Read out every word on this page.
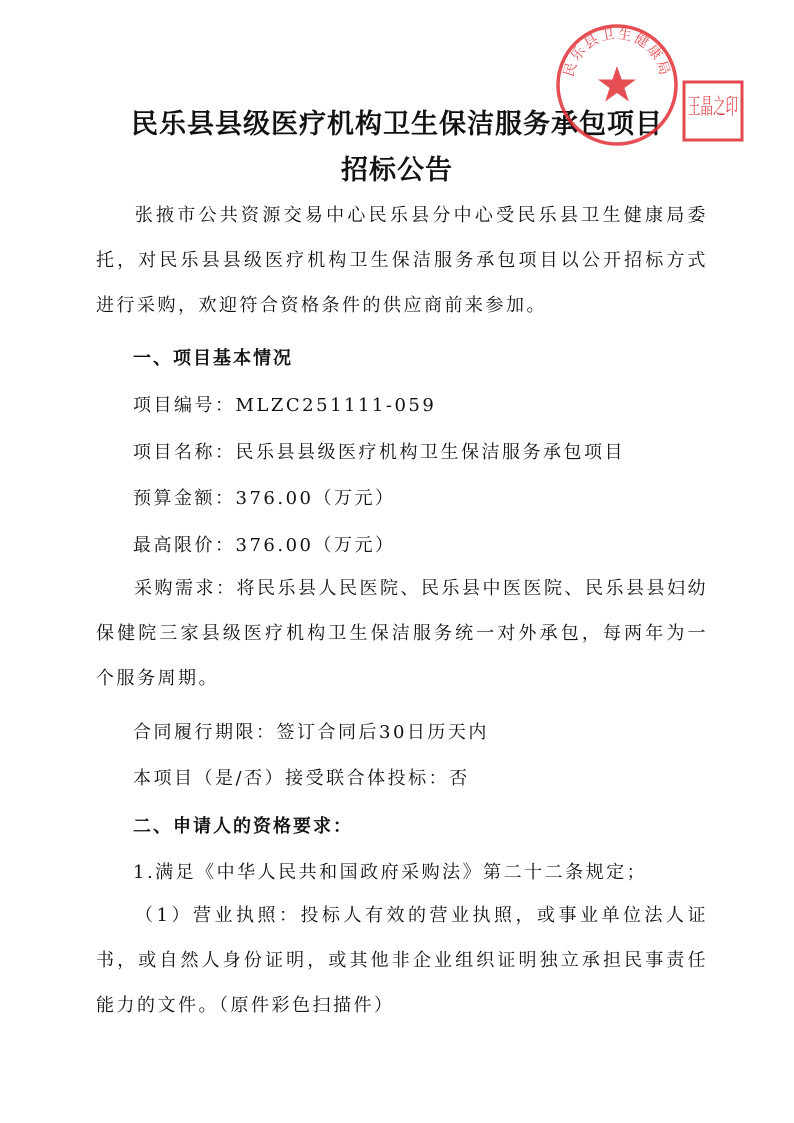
民乐县县级医疗机构卫生保洁服务承包项目
招标公告
民乐县卫生健康局
王晶之印
张掖市公共资源交易中心民乐县分中心受民乐县卫生健康局委托，对民乐县县级医疗机构卫生保洁服务承包项目以公开招标方式进行采购，欢迎符合资格条件的供应商前来参加。
一、项目基本情况
项目编号：MLZC251111-059
项目名称：民乐县县级医疗机构卫生保洁服务承包项目
预算金额：376.00（万元）
最高限价：376.00（万元）
采购需求：将民乐县人民医院、民乐县中医医院、民乐县县妇幼保健院三家县级医疗机构卫生保洁服务统一对外承包，每两年为一个服务周期。
合同履行期限：签订合同后30日历天内
本项目（是/否）接受联合体投标：否
二、申请人的资格要求：
1.满足《中华人民共和国政府采购法》第二十二条规定；
（1）营业执照：投标人有效的营业执照，或事业单位法人证书，或自然人身份证明，或其他非企业组织证明独立承担民事责任能力的文件。（原件彩色扫描件）
